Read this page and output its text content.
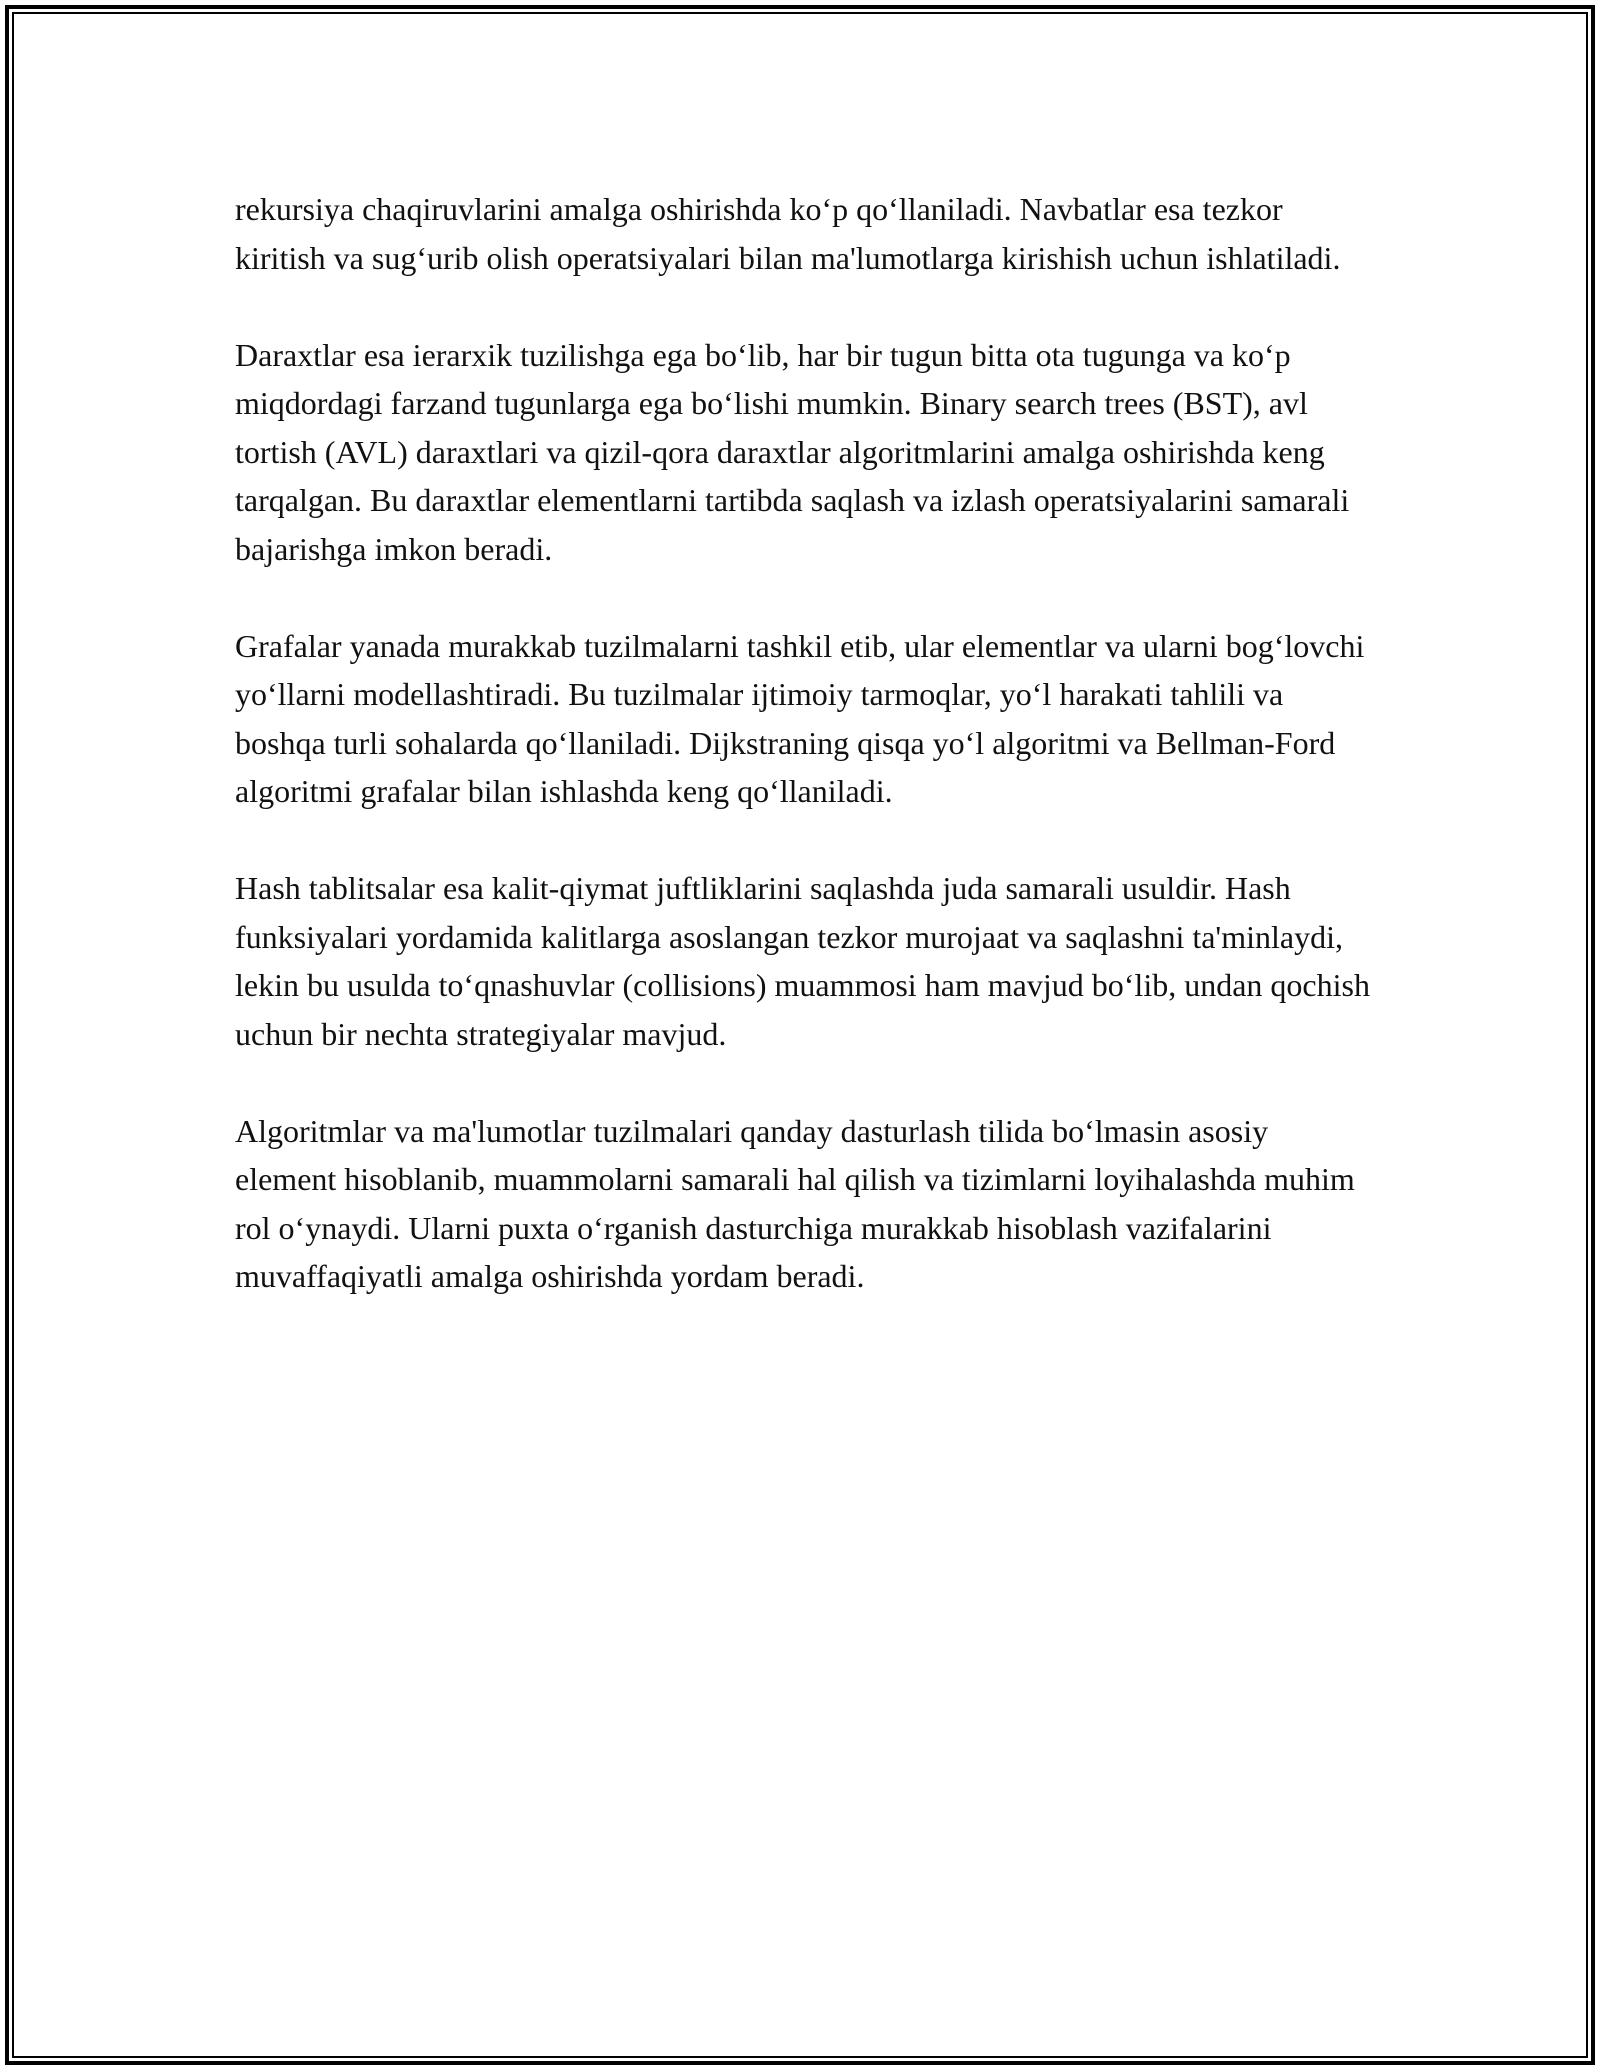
rekursiya chaqiruvlarini amalga oshirishda ko‘p qo‘llaniladi. Navbatlar esa tezkor kiritish va sug‘urib olish operatsiyalari bilan ma'lumotlarga kirishish uchun ishlatiladi.

Daraxtlar esa ierarxik tuzilishga ega bo‘lib, har bir tugun bitta ota tugunga va ko‘p miqdordagi farzand tugunlarga ega bo‘lishi mumkin. Binary search trees (BST), avl tortish (AVL) daraxtlari va qizil-qora daraxtlar algoritmlarini amalga oshirishda keng tarqalgan. Bu daraxtlar elementlarni tartibda saqlash va izlash operatsiyalarini samarali bajarishga imkon beradi.

Grafalar yanada murakkab tuzilmalarni tashkil etib, ular elementlar va ularni bog‘lovchi yo‘llarni modellashtiradi. Bu tuzilmalar ijtimoiy tarmoqlar, yo‘l harakati tahlili va boshqa turli sohalarda qo‘llaniladi. Dijkstraning qisqa yo‘l algoritmi va Bellman-Ford algoritmi grafalar bilan ishlashda keng qo‘llaniladi.

Hash tablitsalar esa kalit-qiymat juftliklarini saqlashda juda samarali usuldir. Hash funksiyalari yordamida kalitlarga asoslangan tezkor murojaat va saqlashni ta'minlaydi, lekin bu usulda to‘qnashuvlar (collisions) muammosi ham mavjud bo‘lib, undan qochish uchun bir nechta strategiyalar mavjud.

Algoritmlar va ma'lumotlar tuzilmalari qanday dasturlash tilida bo‘lmasin asosiy element hisoblanib, muammolarni samarali hal qilish va tizimlarni loyihalashda muhim rol o‘ynaydi. Ularni puxta o‘rganish dasturchiga murakkab hisoblash vazifalarini muvaffaqiyatli amalga oshirishda yordam beradi.
